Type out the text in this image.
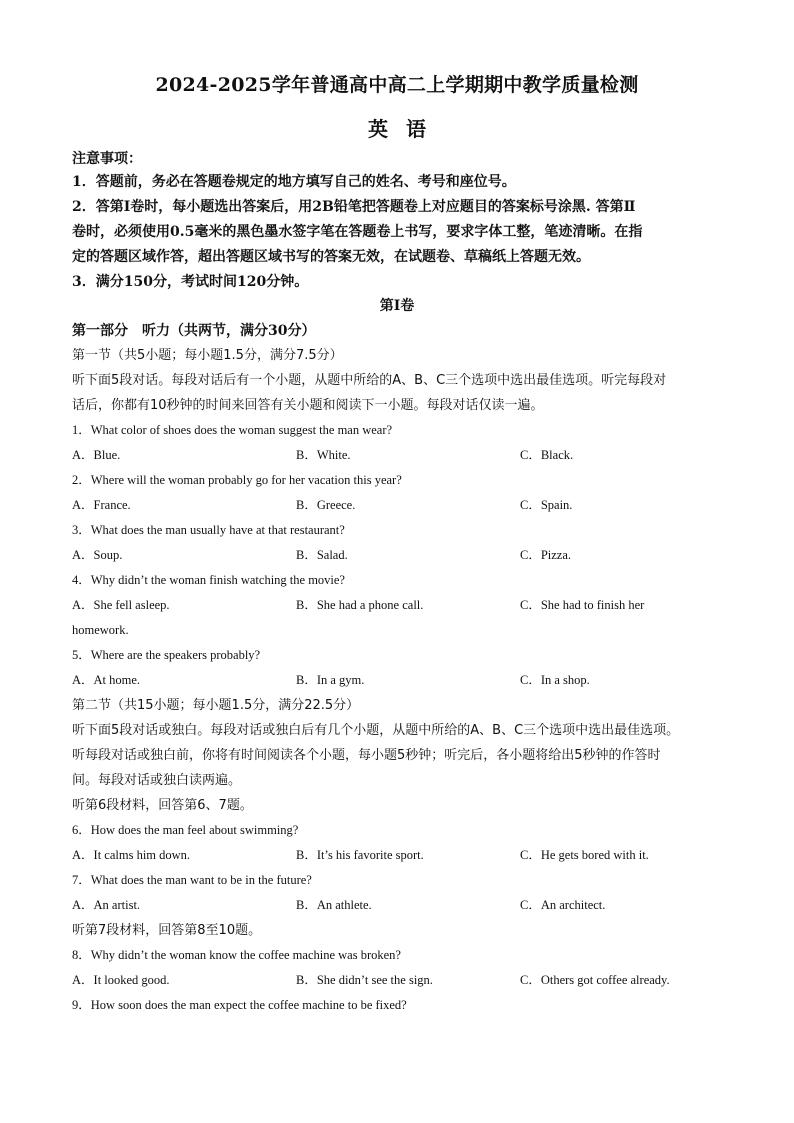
2024-2025学年普通高中高二上学期期中教学质量检测
英语
注意事项：
1．答题前，务必在答题卷规定的地方填写自己的姓名、考号和座位号。
2．答第Ⅰ卷时，每小题选出答案后，用2B铅笔把答题卷上对应题目的答案标号涂黑. 答第Ⅱ
卷时，必须使用0.5毫米的黑色墨水签字笔在答题卷上书写，要求字体工整，笔迹清晰。在指
定的答题区域作答，超出答题区域书写的答案无效，在试题卷、草稿纸上答题无效。
3．满分150分，考试时间120分钟。
第Ⅰ卷
第一部分　听力（共两节，满分30分）
第一节（共5小题；每小题1.5分，满分7.5分）
听下面5段对话。每段对话后有一个小题，从题中所给的A、B、C三个选项中选出最佳选项。听完每段对
话后，你都有10秒钟的时间来回答有关小题和阅读下一小题。每段对话仅读一遍。
1．What color of shoes does the woman suggest the man wear?
A．Blue.	B．White.	C．Black.
2．Where will the woman probably go for her vacation this year?
A．France.	B．Greece.	C．Spain.
3．What does the man usually have at that restaurant?
A．Soup.	B．Salad.	C．Pizza.
4．Why didn’t the woman finish watching the movie?
A．She fell asleep.	B．She had a phone call.	C．She had to finish her
homework.
5．Where are the speakers probably?
A．At home.	B．In a gym.	C．In a shop.
第二节（共15小题；每小题1.5分，满分22.5分）
听下面5段对话或独白。每段对话或独白后有几个小题，从题中所给的A、B、C三个选项中选出最佳选项。
听每段对话或独白前，你将有时间阅读各个小题，每小题5秒钟；听完后，各小题将给出5秒钟的作答时
间。每段对话或独白读两遍。
听第6段材料，回答第6、7题。
6．How does the man feel about swimming?
A．It calms him down.	B．It’s his favorite sport.	C．He gets bored with it.
7．What does the man want to be in the future?
A．An artist.	B．An athlete.	C．An architect.
听第7段材料，回答第8至10题。
8．Why didn’t the woman know the coffee machine was broken?
A．It looked good.	B．She didn’t see the sign.	C．Others got coffee already.
9．How soon does the man expect the coffee machine to be fixed?
